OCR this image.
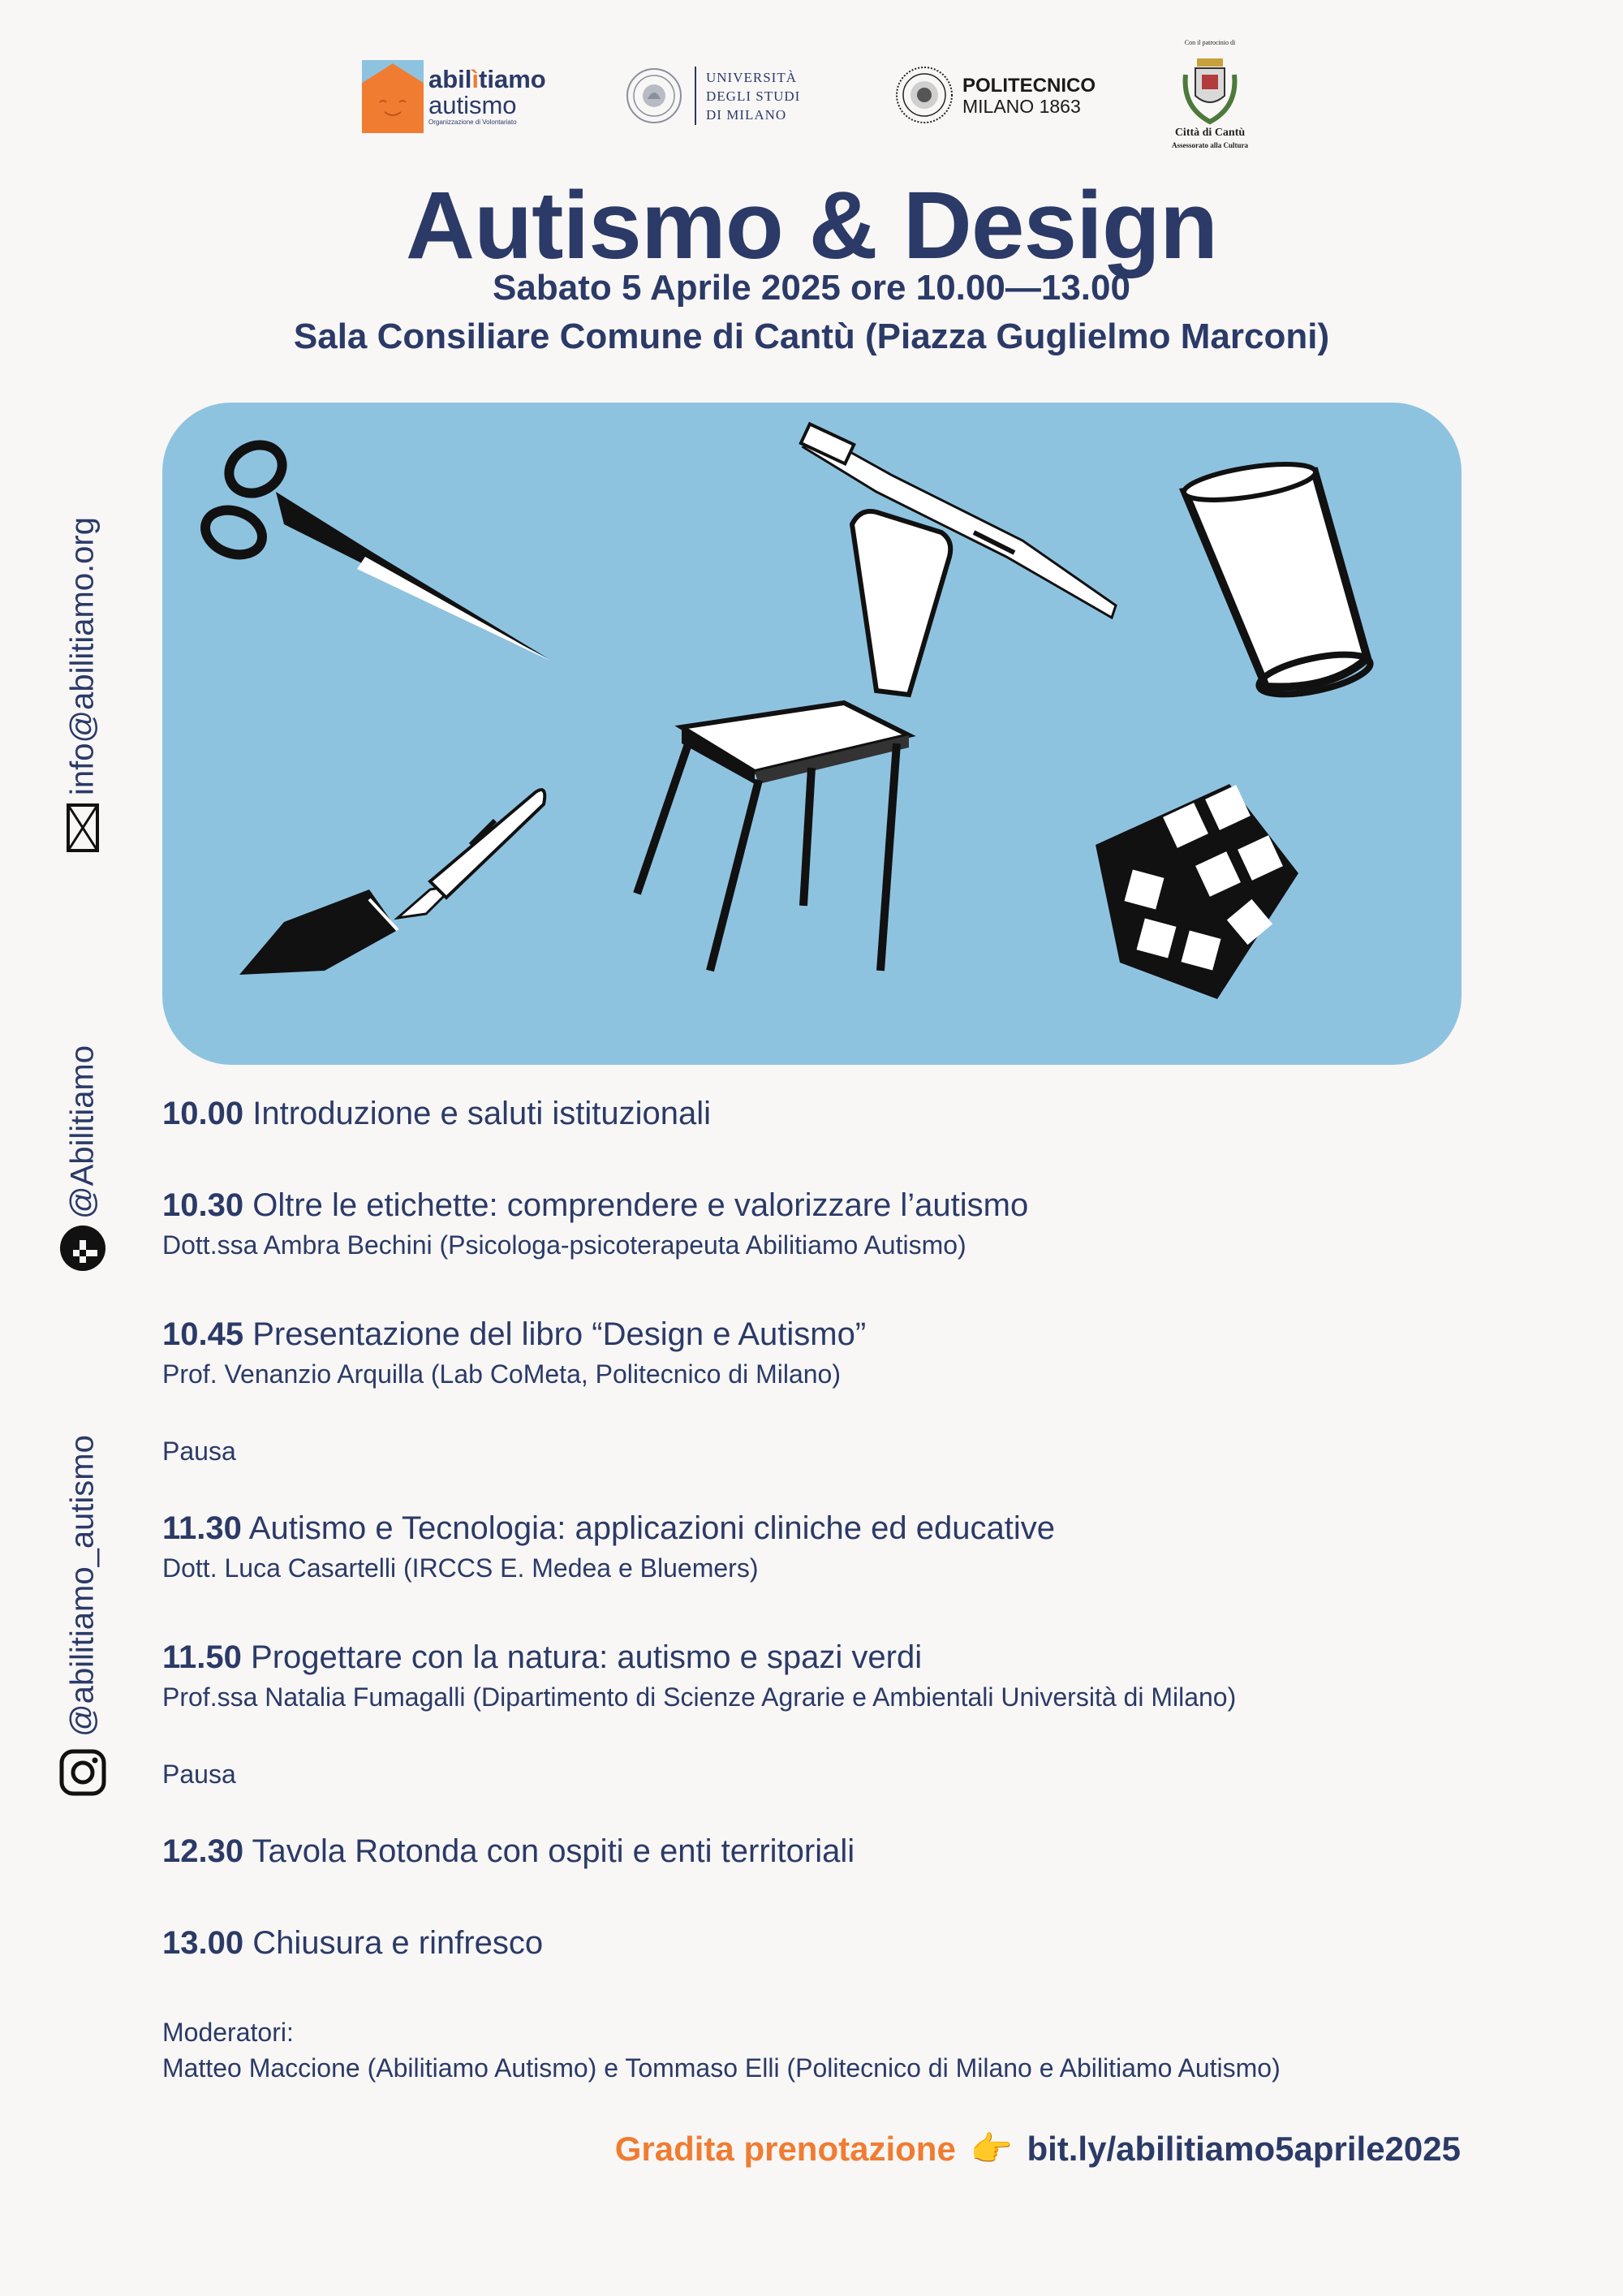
abilìtiamo
autismo
Organizzazione di Volontariato
UNIVERSITÀ
DEGLI STUDI
DI MILANO
POLITECNICO
MILANO 1863
Con il patrocinio di
Città di Cantù
Assessorato alla Cultura
Autismo & Design
Sabato 5 Aprile 2025 ore 10.00—13.00
Sala Consiliare Comune di Cantù (Piazza Guglielmo Marconi)
info@abilitiamo.org
@Abilitiamo
@abilitiamo_autismo
10.00 Introduzione e saluti istituzionali
10.30 Oltre le etichette: comprendere e valorizzare l’autismo
Dott.ssa Ambra Bechini (Psicologa-psicoterapeuta Abilitiamo Autismo)
10.45 Presentazione del libro “Design e Autismo”
Prof. Venanzio Arquilla (Lab CoMeta, Politecnico di Milano)
Pausa
11.30 Autismo e Tecnologia: applicazioni cliniche ed educative
Dott. Luca Casartelli (IRCCS E. Medea e Bluemers)
11.50 Progettare con la natura: autismo e spazi verdi
Prof.ssa Natalia Fumagalli (Dipartimento di Scienze Agrarie e Ambientali Università di Milano)
Pausa
12.30 Tavola Rotonda con ospiti e enti territoriali
13.00 Chiusura e rinfresco
Moderatori:
Matteo Maccione (Abilitiamo Autismo) e Tommaso Elli (Politecnico di Milano e Abilitiamo Autismo)
Gradita prenotazione 👉 bit.ly/abilitiamo5aprile2025
